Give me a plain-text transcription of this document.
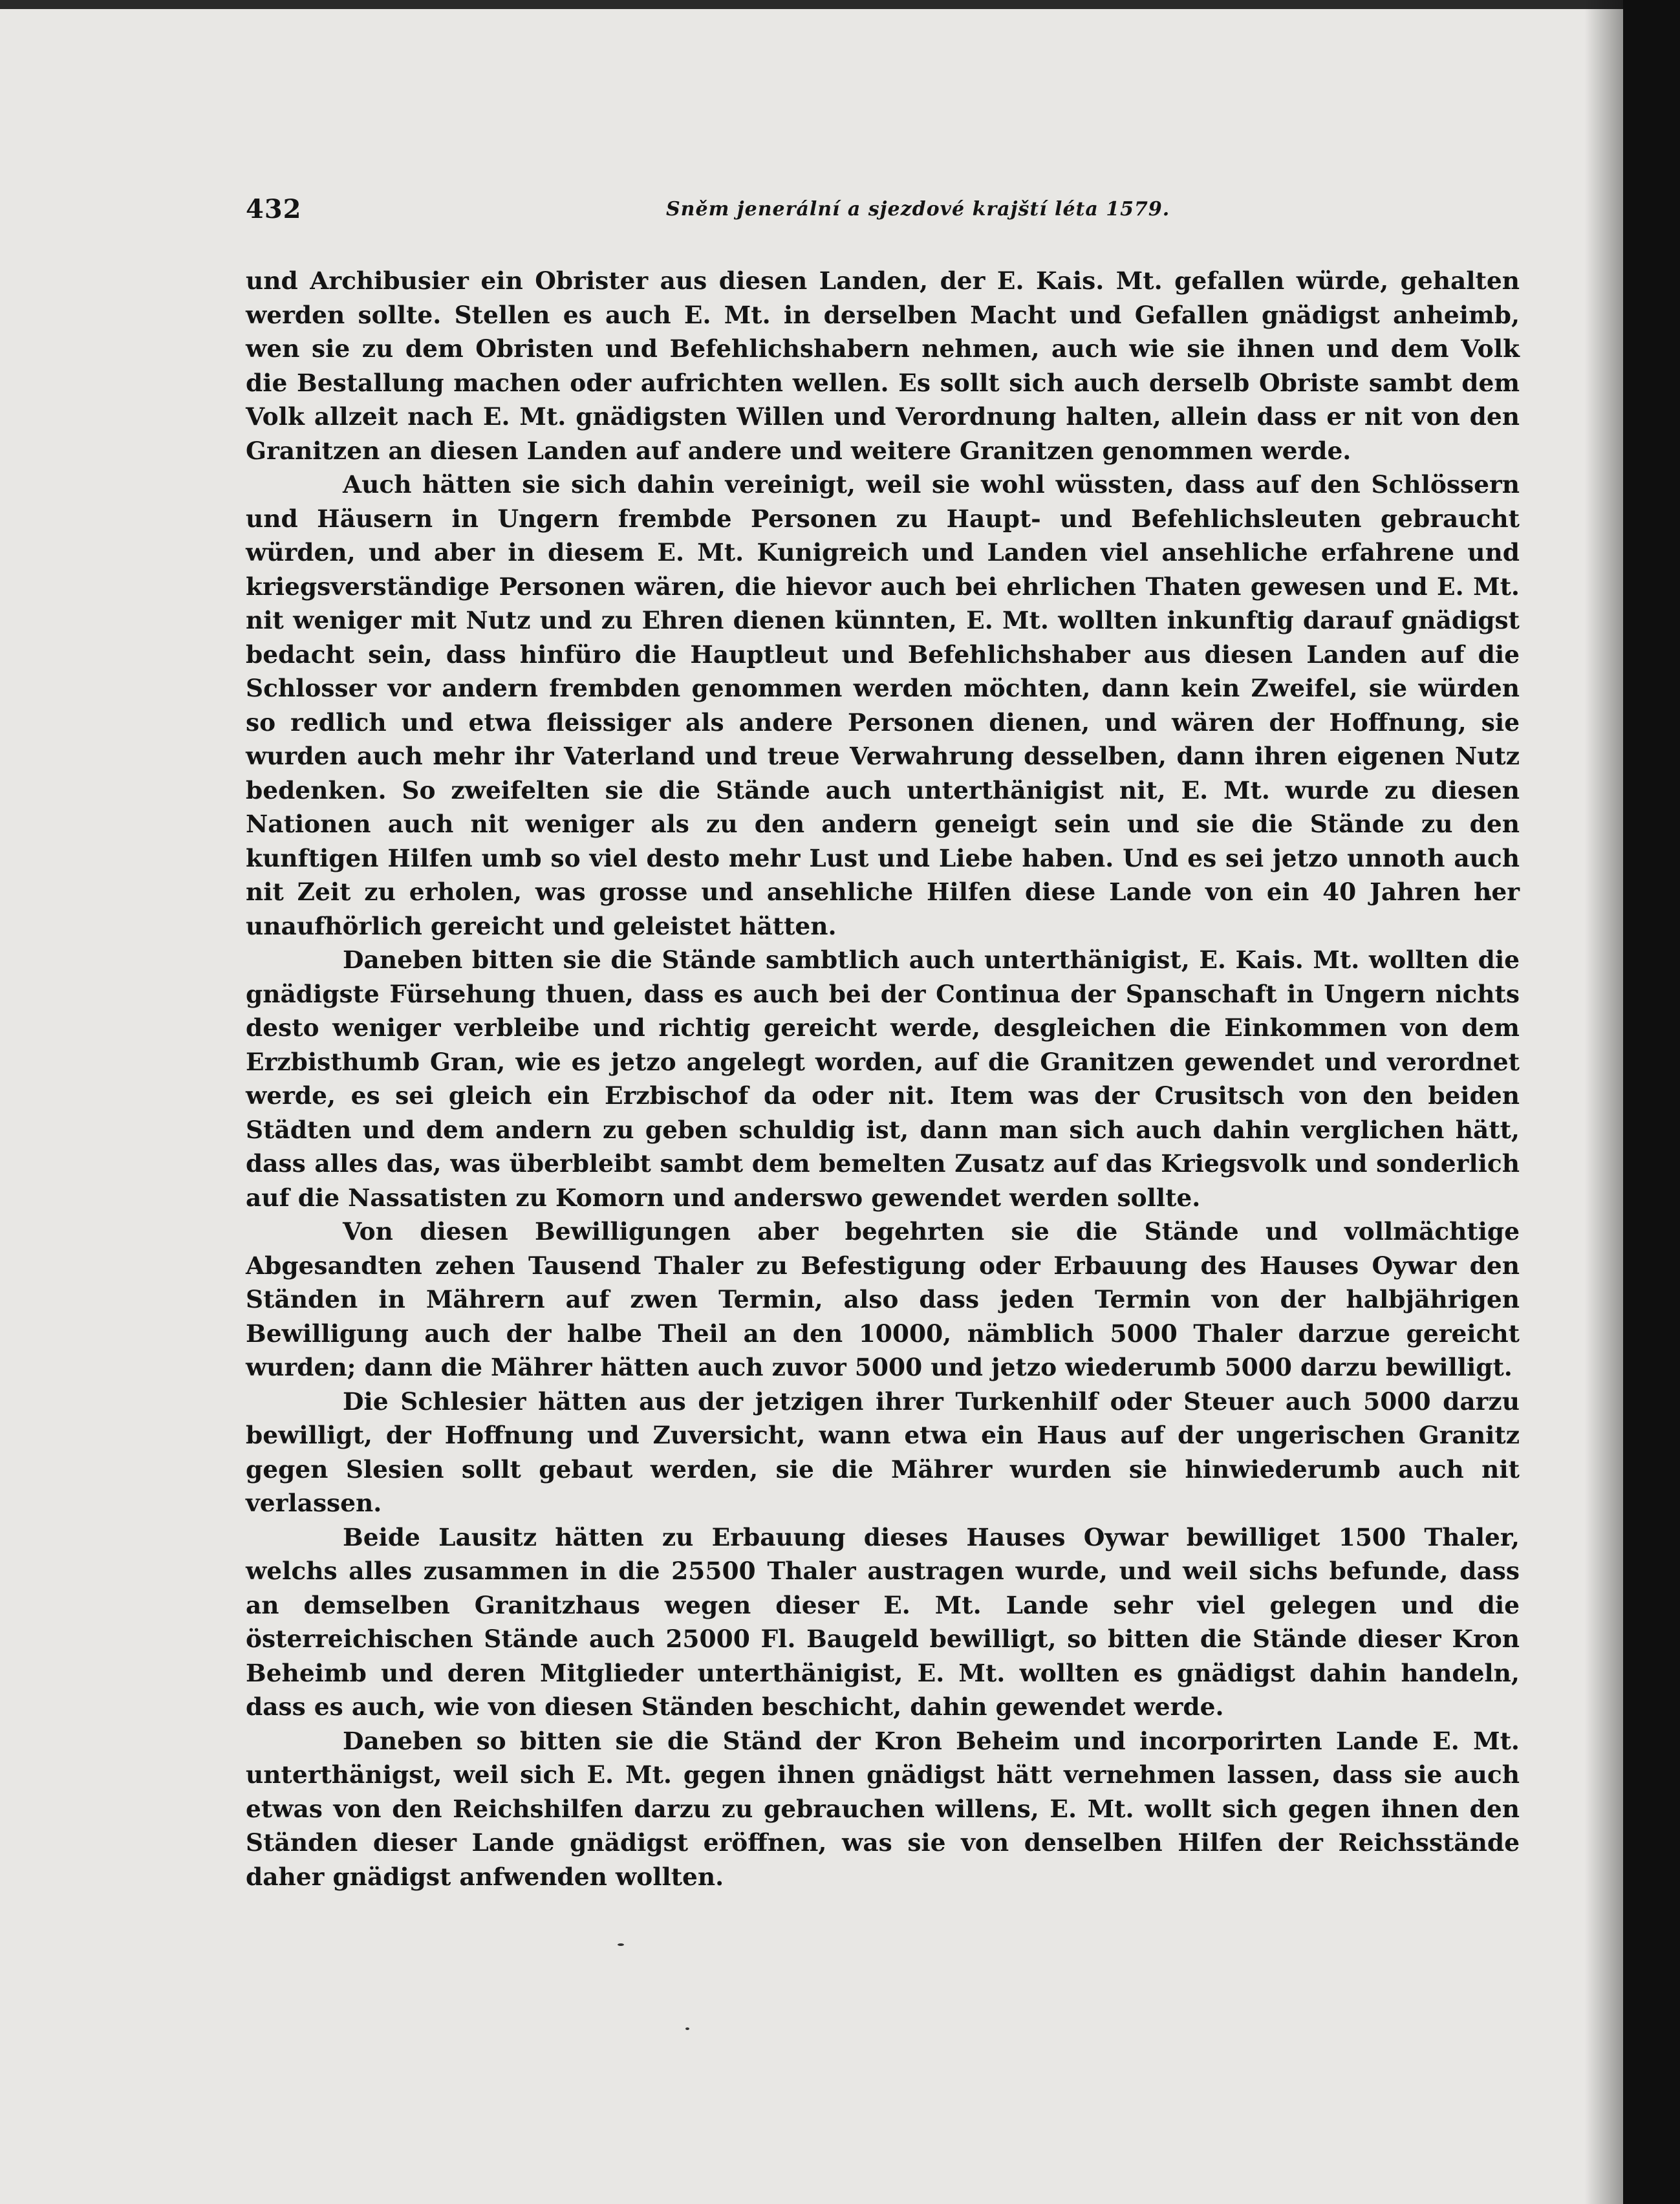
432	Sněm jenerální a sjezdové krajští léta 1579.

und Archibusier ein Obrister aus diesen Landen, der E. Kais. Mt. gefallen würde, gehalten werden sollte. Stellen es auch E. Mt. in derselben Macht und Gefallen gnädigst anheimb, wen sie zu dem Obristen und Befehlichshabern nehmen, auch wie sie ihnen und dem Volk die Bestallung machen oder aufrichten wellen. Es sollt sich auch derselb Obriste sambt dem Volk allzeit nach E. Mt. gnädigsten Willen und Verordnung halten, allein dass er nit von den Granitzen an diesen Landen auf andere und weitere Granitzen genommen werde.

Auch hätten sie sich dahin vereinigt, weil sie wohl wüssten, dass auf den Schlössern und Häusern in Ungern frembde Personen zu Haupt- und Befehlichsleuten gebraucht würden, und aber in diesem E. Mt. Kunigreich und Landen viel ansehliche erfahrene und kriegsverständige Personen wären, die hievor auch bei ehrlichen Thaten gewesen und E. Mt. nit weniger mit Nutz und zu Ehren dienen künnten, E. Mt. wollten inkunftig darauf gnädigst bedacht sein, dass hinfüro die Hauptleut und Befehlichshaber aus diesen Landen auf die Schlosser vor andern frembden genommen werden möchten, dann kein Zweifel, sie würden so redlich und etwa fleissiger als andere Personen dienen, und wären der Hoffnung, sie wurden auch mehr ihr Vaterland und treue Verwahrung desselben, dann ihren eigenen Nutz bedenken. So zweifelten sie die Stände auch unterthänigist nit, E. Mt. wurde zu diesen Nationen auch nit weniger als zu den andern geneigt sein und sie die Stände zu den kunftigen Hilfen umb so viel desto mehr Lust und Liebe haben. Und es sei jetzo unnoth auch nit Zeit zu erholen, was grosse und ansehliche Hilfen diese Lande von ein 40 Jahren her unaufhörlich gereicht und geleistet hätten.

Daneben bitten sie die Stände sambtlich auch unterthänigist, E. Kais. Mt. wollten die gnädigste Fürsehung thuen, dass es auch bei der Continua der Spanschaft in Ungern nichts desto weniger verbleibe und richtig gereicht werde, desgleichen die Einkommen von dem Erzbisthumb Gran, wie es jetzo angelegt worden, auf die Granitzen gewendet und verordnet werde, es sei gleich ein Erzbischof da oder nit. Item was der Crusitsch von den beiden Städten und dem andern zu geben schuldig ist, dann man sich auch dahin verglichen hätt, dass alles das, was überbleibt sambt dem bemelten Zusatz auf das Kriegsvolk und sonderlich auf die Nassatisten zu Komorn und anderswo gewendet werden sollte.

Von diesen Bewilligungen aber begehrten sie die Stände und vollmächtige Abgesandten zehen Tausend Thaler zu Befestigung oder Erbauung des Hauses Oywar den Ständen in Mährern auf zwen Termin, also dass jeden Termin von der halbjährigen Bewilligung auch der halbe Theil an den 10000, nämblich 5000 Thaler darzue gereicht wurden; dann die Mährer hätten auch zuvor 5000 und jetzo wiederumb 5000 darzu bewilligt.

Die Schlesier hätten aus der jetzigen ihrer Turkenhilf oder Steuer auch 5000 darzu bewilligt, der Hoffnung und Zuversicht, wann etwa ein Haus auf der ungerischen Granitz gegen Slesien sollt gebaut werden, sie die Mährer wurden sie hinwiederumb auch nit verlassen.

Beide Lausitz hätten zu Erbauung dieses Hauses Oywar bewilliget 1500 Thaler, welchs alles zusammen in die 25500 Thaler austragen wurde, und weil sichs befunde, dass an demselben Granitzhaus wegen dieser E. Mt. Lande sehr viel gelegen und die österreichischen Stände auch 25000 Fl. Baugeld bewilligt, so bitten die Stände dieser Kron Beheimb und deren Mitglieder unterthänigist, E. Mt. wollten es gnädigst dahin handeln, dass es auch, wie von diesen Ständen beschicht, dahin gewendet werde.

Daneben so bitten sie die Ständ der Kron Beheim und incorporirten Lande E. Mt. unterthänigst, weil sich E. Mt. gegen ihnen gnädigst hätt vernehmen lassen, dass sie auch etwas von den Reichshilfen darzu zu gebrauchen willens, E. Mt. wollt sich gegen ihnen den Ständen dieser Lande gnädigst eröffnen, was sie von denselben Hilfen der Reichsstände daher gnädigst anfwenden wollten.
